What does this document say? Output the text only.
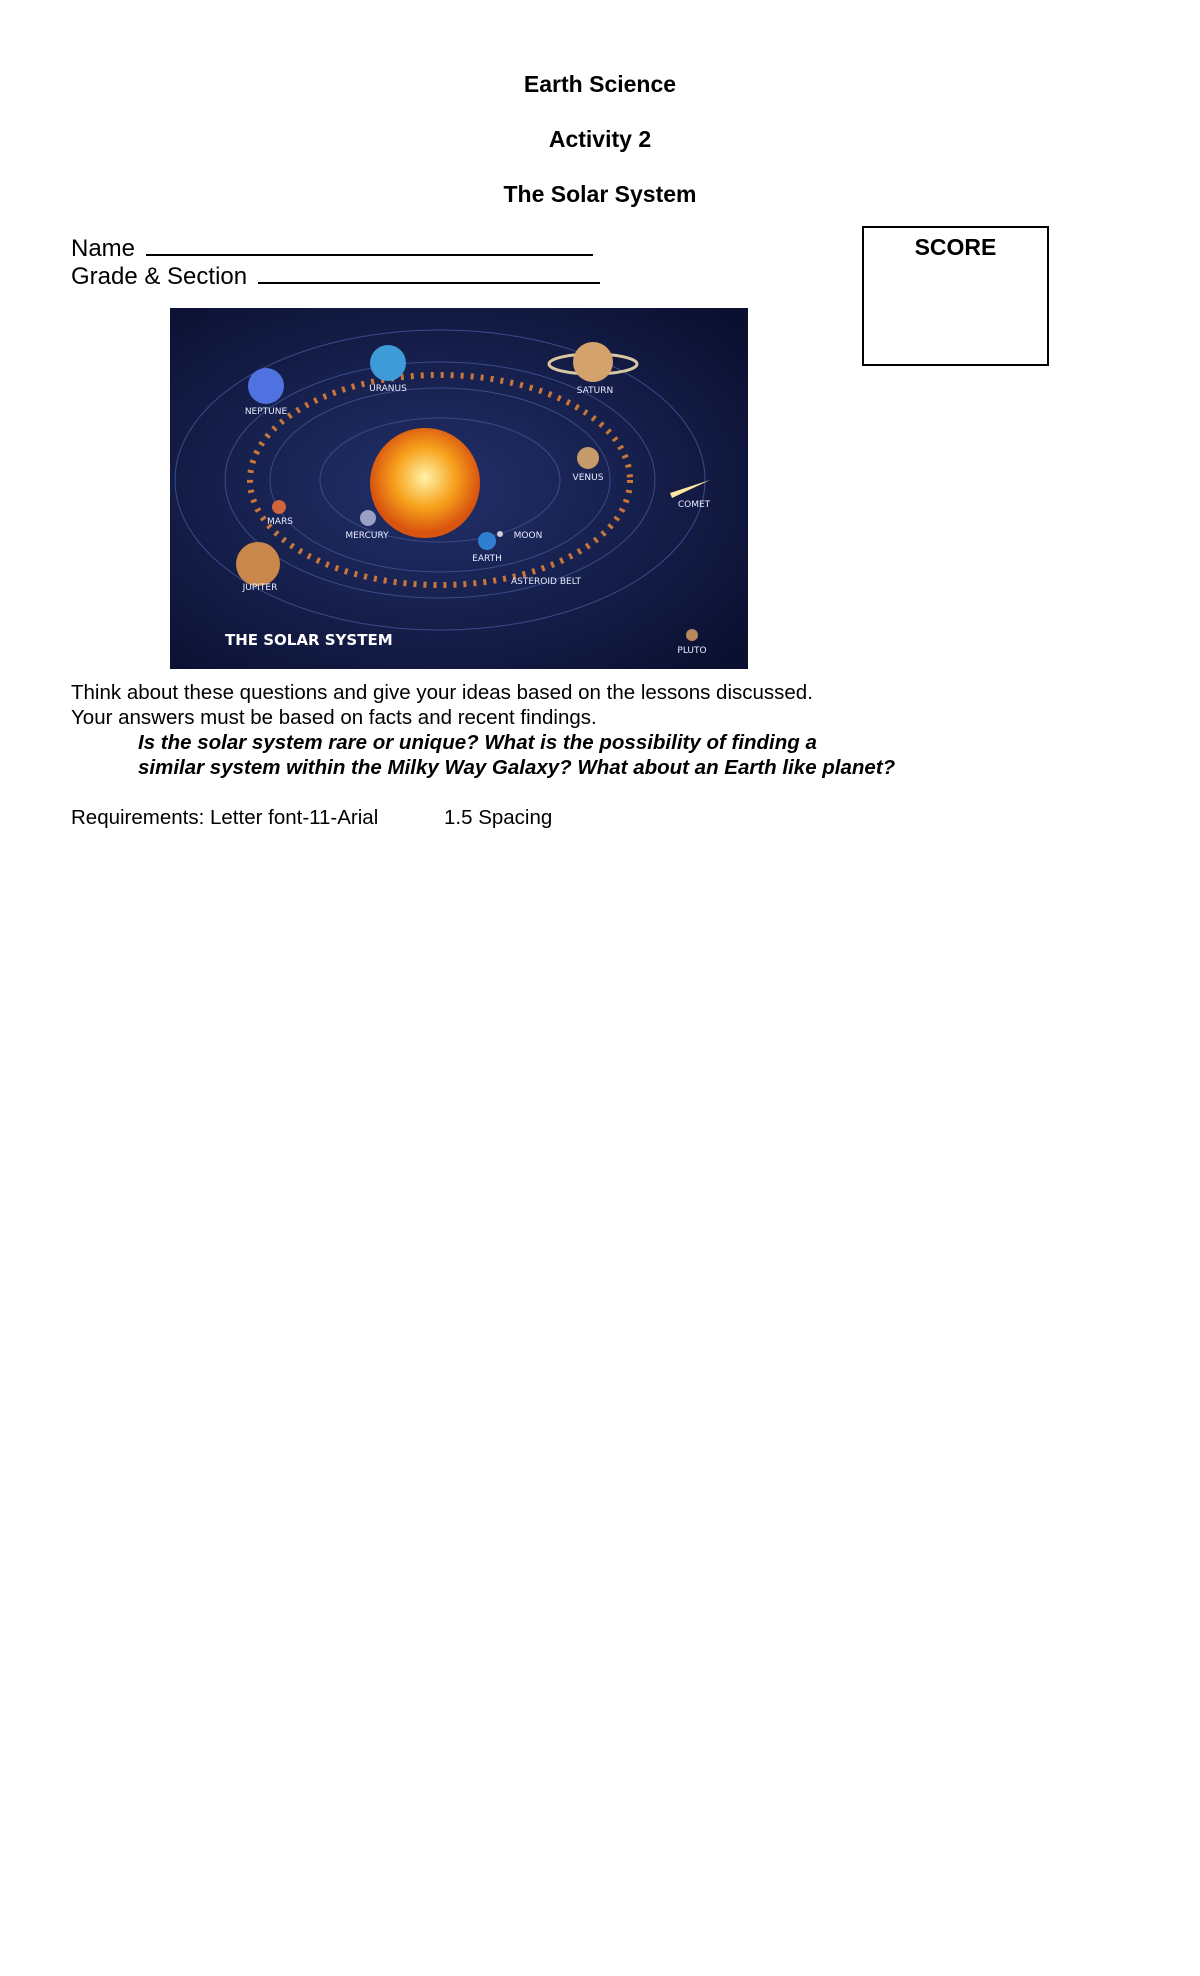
Earth Science
Activity 2
The Solar System
Name
Grade & Section
SCORE
NEPTUNE
URANUS	SATURN
VENUS
COMET
MARS
MERCURY	MOON
EARTH
JUPITER
ASTEROID BELT
PLUTO
THE SOLAR SYSTEM
Think about these questions and give your ideas based on the lessons discussed.
Your answers must be based on facts and recent findings.
Is the solar system rare or unique? What is the possibility of finding a
similar system within the Milky Way Galaxy? What about an Earth like planet?
Requirements: Letter font-11-Arial	1.5 Spacing
